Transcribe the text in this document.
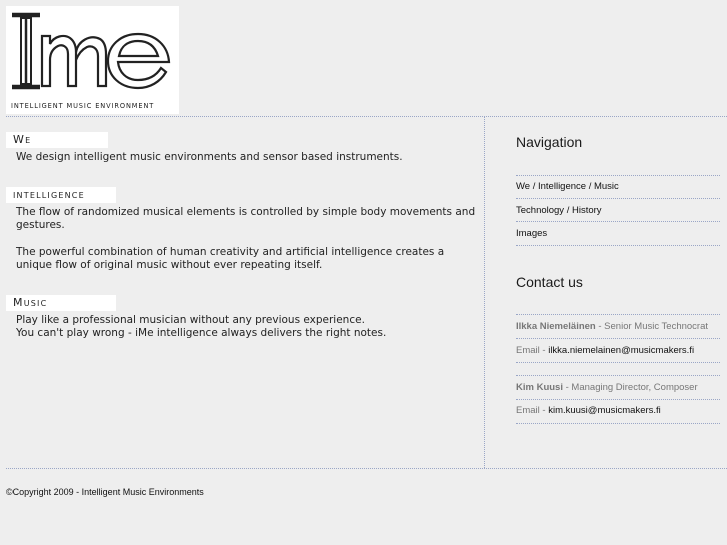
INTELLIGENT MUSIC ENVIRONMENT
We
We design intelligent music environments and sensor based instruments.
intelligence
The flow of randomized musical elements is controlled by simple body movements and
gestures.
The powerful combination of human creativity and artificial intelligence creates a
unique flow of original music without ever repeating itself.
Music
Play like a professional musician without any previous experience.
You can't play wrong - iMe intelligence always delivers the right notes.
Navigation
We / Intelligence / Music
Technology / History
Images
Contact us
Ilkka Niemeläinen - Senior Music Technocrat
Email - ilkka.niemelainen@musicmakers.fi
Kim Kuusi - Managing Director, Composer
Email - kim.kuusi@musicmakers.fi
©Copyright 2009 - Intelligent Music Environments
